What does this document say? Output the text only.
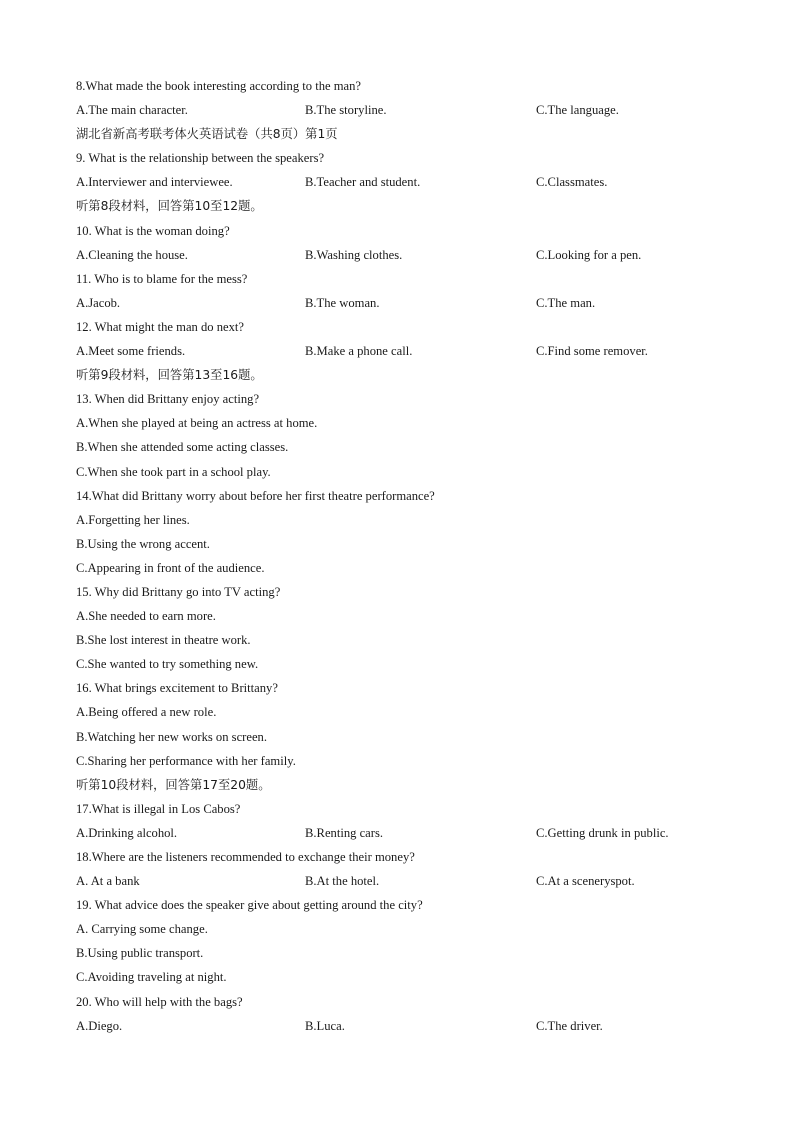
8.What made the book interesting according to the man?
A.The main character.	B.The storyline.	C.The language.
湖北省新高考联考体火英语试卷（共8页）第1页
9. What is the relationship between the speakers?
A.Interviewer and interviewee.	B.Teacher and student.	C.Classmates.
听第8段材料，回答第10至12题。
10. What is the woman doing?
A.Cleaning the house.	B.Washing clothes.	C.Looking for a pen.
11. Who is to blame for the mess?
A.Jacob.	B.The woman.	C.The man.
12. What might the man do next?
A.Meet some friends.	B.Make a phone call.	C.Find some remover.
听第9段材料，回答第13至16题。
13. When did Brittany enjoy acting?
A.When she played at being an actress at home.
B.When she attended some acting classes.
C.When she took part in a school play.
14.What did Brittany worry about before her first theatre performance?
A.Forgetting her lines.
B.Using the wrong accent.
C.Appearing in front of the audience.
15. Why did Brittany go into TV acting?
A.She needed to earn more.
B.She lost interest in theatre work.
C.She wanted to try something new.
16. What brings excitement to Brittany?
A.Being offered a new role.
B.Watching her new works on screen.
C.Sharing her performance with her family.
听第10段材料，回答第17至20题。
17.What is illegal in Los Cabos?
A.Drinking alcohol.	B.Renting cars.	C.Getting drunk in public.
18.Where are the listeners recommended to exchange their money?
A. At a bank	B.At the hotel.	C.At a sceneryspot.
19. What advice does the speaker give about getting around the city?
A. Carrying some change.
B.Using public transport.
C.Avoiding traveling at night.
20. Who will help with the bags?
A.Diego.	B.Luca.	C.The driver.
